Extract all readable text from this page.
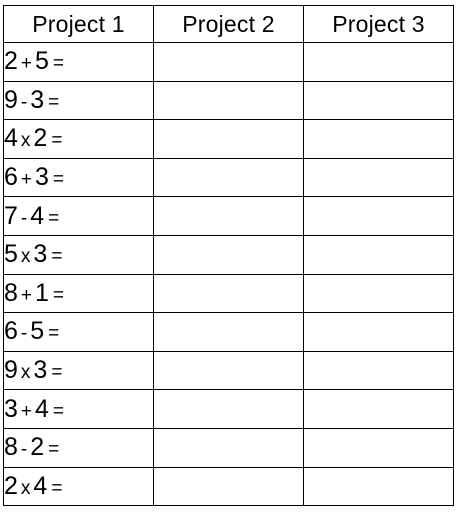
Project 1	Project 2	Project 3
2 + 5 =		
9 - 3 =		
4 x 2 =		
6 + 3 =		
7 - 4 =		
5 x 3 =		
8 + 1 =		
6 - 5 =		
9 x 3 =		
3 + 4 =		
8 - 2 =		
2 x 4 =		
